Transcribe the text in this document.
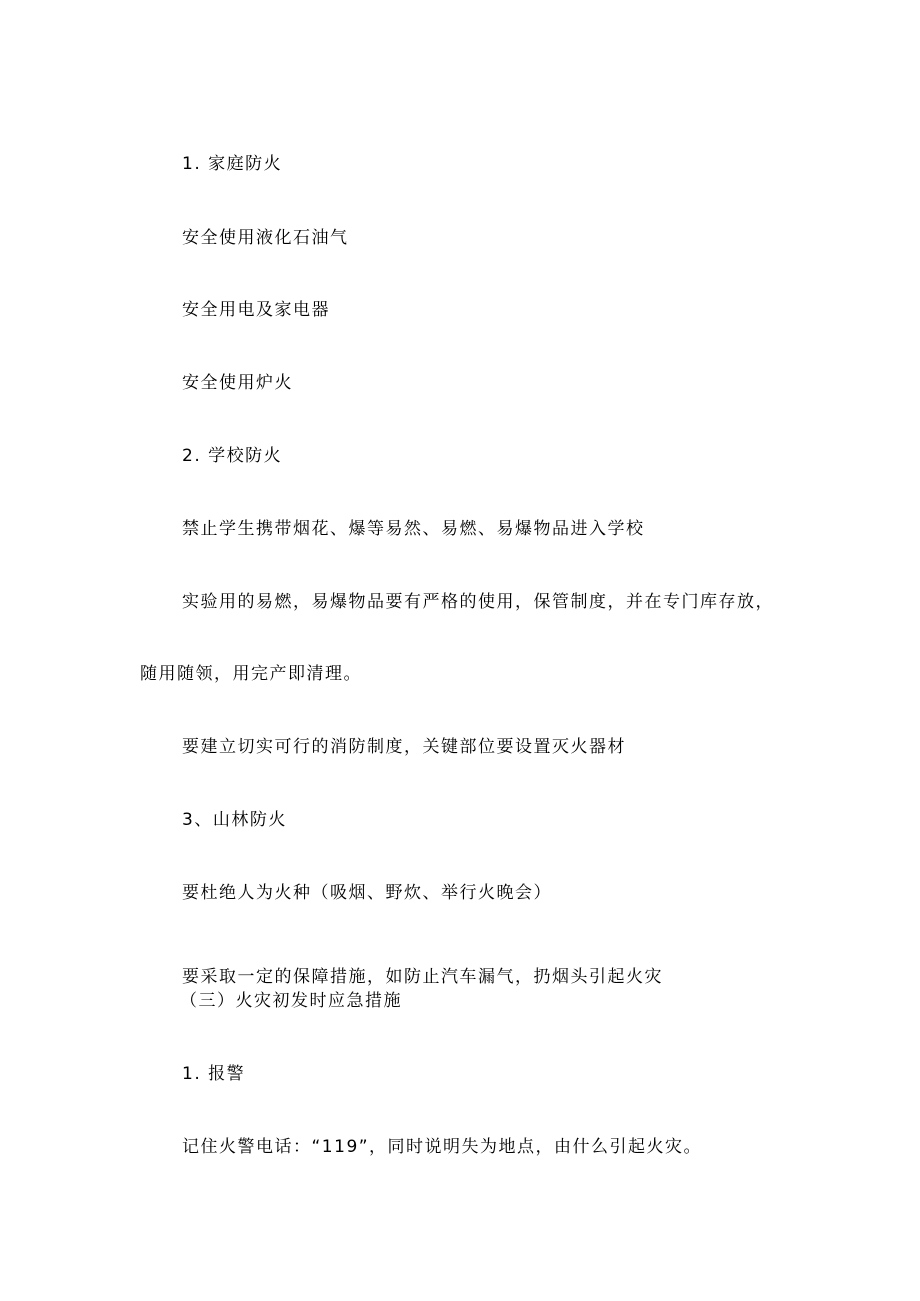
1. 家庭防火
安全使用液化石油气
安全用电及家电器
安全使用炉火
2. 学校防火
禁止学生携带烟花、爆等易然、易燃、易爆物品进入学校
实验用的易燃，易爆物品要有严格的使用，保管制度，并在专门库存放，
随用随领，用完产即清理。
要建立切实可行的消防制度，关键部位要设置灭火器材
3、山林防火
要杜绝人为火种（吸烟、野炊、举行火晚会）
要采取一定的保障措施，如防止汽车漏气，扔烟头引起火灾
（三）火灾初发时应急措施
1. 报警
记住火警电话：“119”，同时说明失为地点，由什么引起火灾。
